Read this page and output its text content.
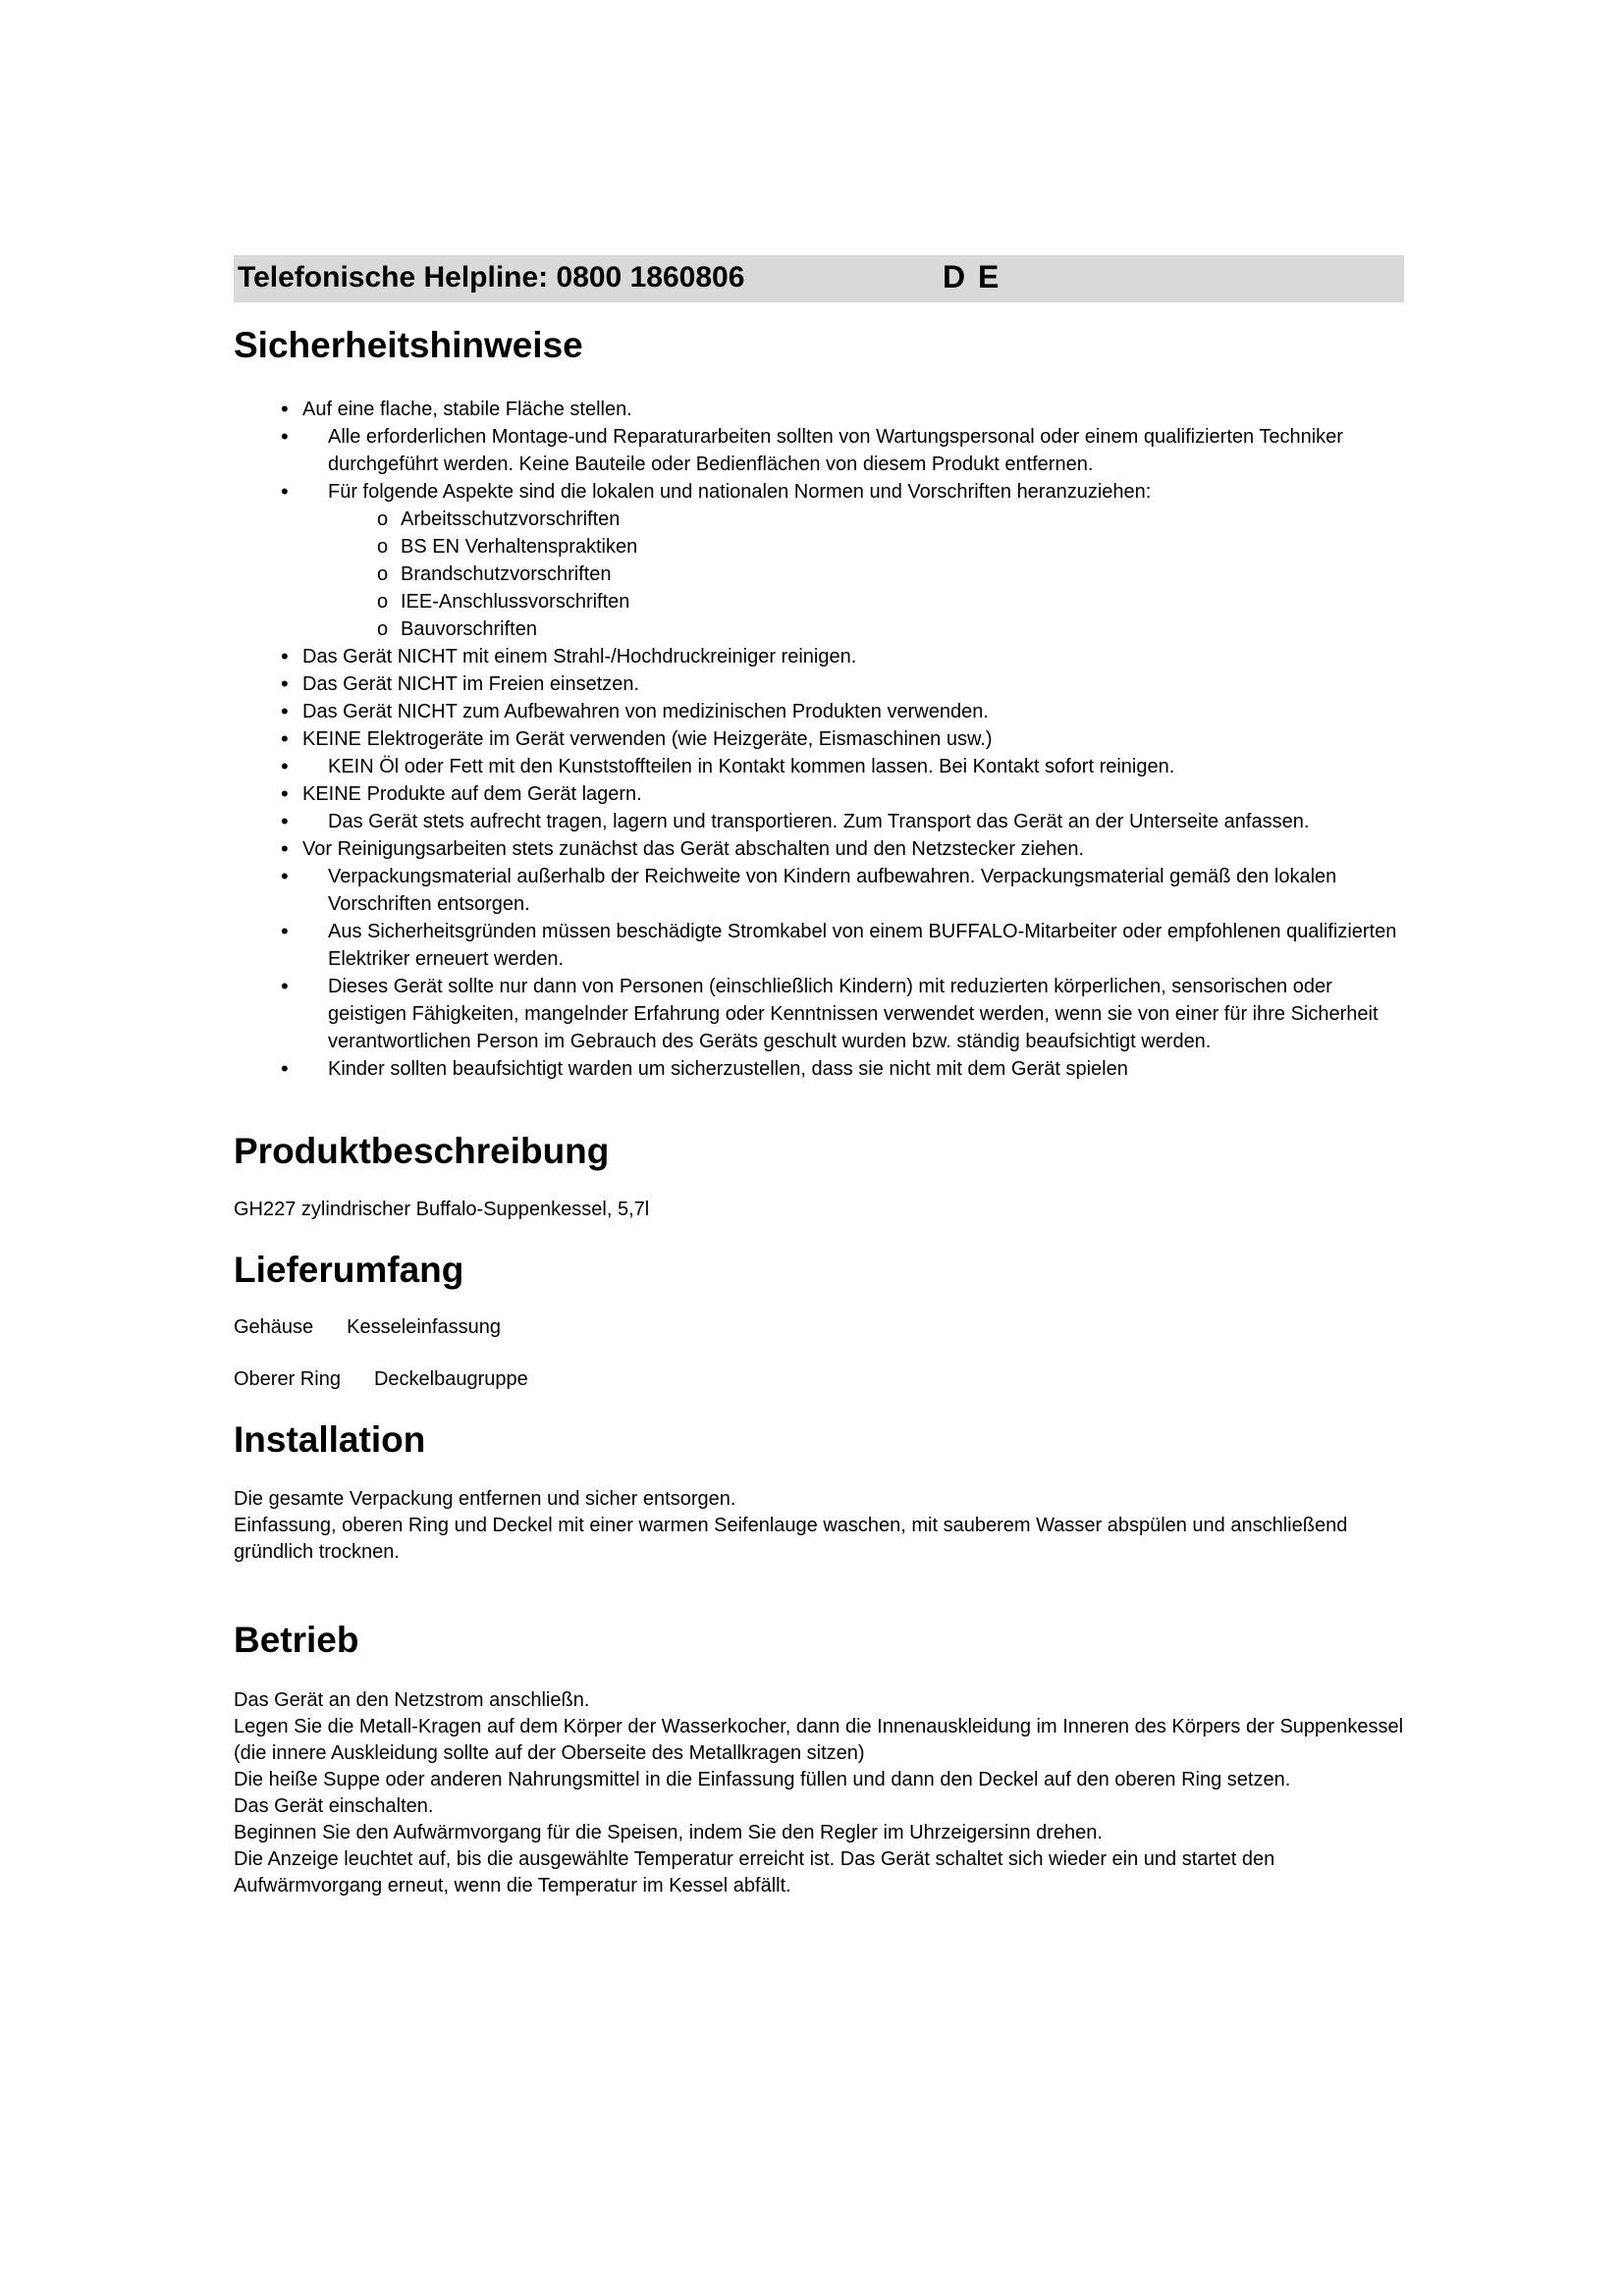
Telefonische Helpline: 0800 1860806	D E
Sicherheitshinweise
• Auf eine flache, stabile Fläche stellen.
• Alle erforderlichen Montage-und Reparaturarbeiten sollten von Wartungspersonal oder einem qualifizierten Techniker durchgeführt werden. Keine Bauteile oder Bedienflächen von diesem Produkt entfernen.
• Für folgende Aspekte sind die lokalen und nationalen Normen und Vorschriften heranzuziehen:
o Arbeitsschutzvorschriften
o BS EN Verhaltenspraktiken
o Brandschutzvorschriften
o IEE-Anschlussvorschriften
o Bauvorschriften
• Das Gerät NICHT mit einem Strahl-/Hochdruckreiniger reinigen.
• Das Gerät NICHT im Freien einsetzen.
• Das Gerät NICHT zum Aufbewahren von medizinischen Produkten verwenden.
• KEINE Elektrogeräte im Gerät verwenden (wie Heizgeräte, Eismaschinen usw.)
• KEIN Öl oder Fett mit den Kunststoffteilen in Kontakt kommen lassen. Bei Kontakt sofort reinigen.
• KEINE Produkte auf dem Gerät lagern.
• Das Gerät stets aufrecht tragen, lagern und transportieren. Zum Transport das Gerät an der Unterseite anfassen.
• Vor Reinigungsarbeiten stets zunächst das Gerät abschalten und den Netzstecker ziehen.
• Verpackungsmaterial außerhalb der Reichweite von Kindern aufbewahren. Verpackungsmaterial gemäß den lokalen Vorschriften entsorgen.
• Aus Sicherheitsgründen müssen beschädigte Stromkabel von einem BUFFALO-Mitarbeiter oder empfohlenen qualifizierten Elektriker erneuert werden.
• Dieses Gerät sollte nur dann von Personen (einschließlich Kindern) mit reduzierten körperlichen, sensorischen oder geistigen Fähigkeiten, mangelnder Erfahrung oder Kenntnissen verwendet werden, wenn sie von einer für ihre Sicherheit verantwortlichen Person im Gebrauch des Geräts geschult wurden bzw. ständig beaufsichtigt werden.
• Kinder sollten beaufsichtigt warden um sicherzustellen, dass sie nicht mit dem Gerät spielen
Produktbeschreibung

GH227 zylindrischer Buffalo-Suppenkessel, 5,7l

Lieferumfang
Gehäuse Kesseleinfassung
Oberer Ring Deckelbaugruppe
Installation

Die gesamte Verpackung entfernen und sicher entsorgen.

Einfassung, oberen Ring und Deckel mit einer warmen Seifenlauge waschen, mit sauberem Wasser abspülen und anschließend gründlich trocknen.

Betrieb

Das Gerät an den Netzstrom anschließn.

Legen Sie die Metall-Kragen auf dem Körper der Wasserkocher, dann die Innenauskleidung im Inneren des Körpers der Suppenkessel (die innere Auskleidung sollte auf der Oberseite des Metallkragen sitzen)

Die heiße Suppe oder anderen Nahrungsmittel in die Einfassung füllen und dann den Deckel auf den oberen Ring setzen.

Das Gerät einschalten.

Beginnen Sie den Aufwärmvorgang für die Speisen, indem Sie den Regler im Uhrzeigersinn drehen.

Die Anzeige leuchtet auf, bis die ausgewählte Temperatur erreicht ist. Das Gerät schaltet sich wieder ein und startet den Aufwärmvorgang erneut, wenn die Temperatur im Kessel abfällt.
